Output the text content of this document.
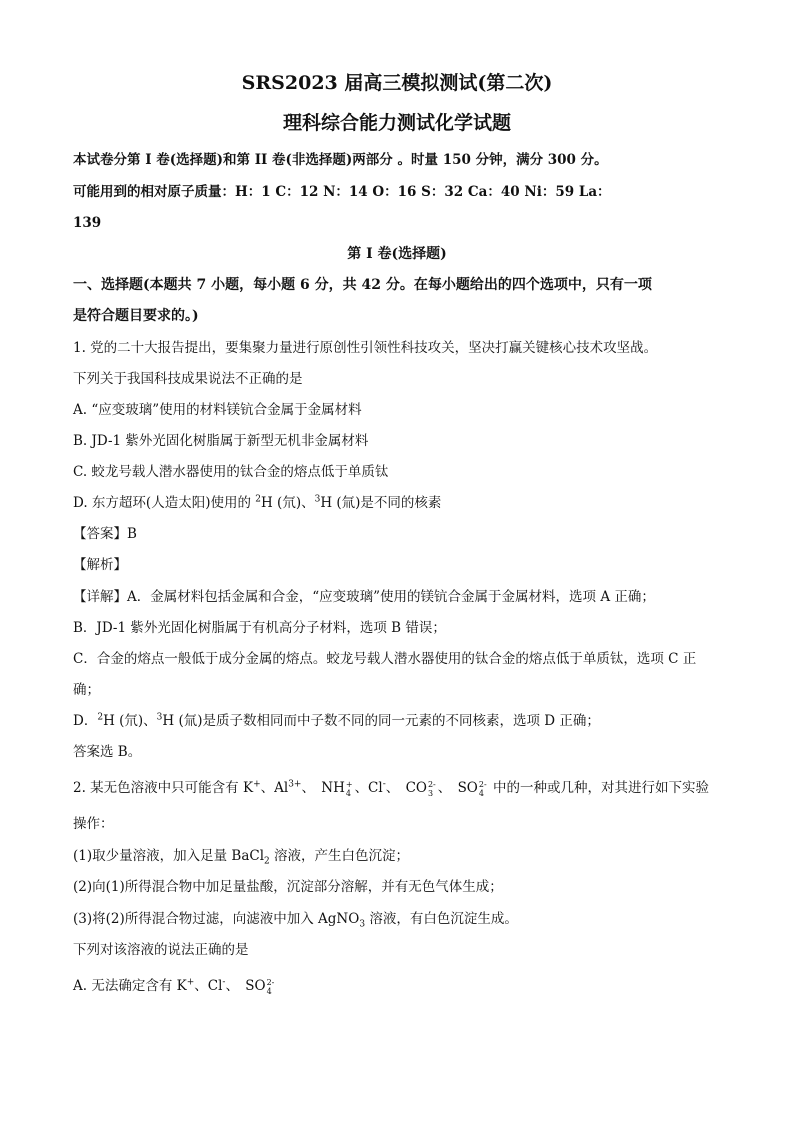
SRS2023 届高三模拟测试(第二次)
理科综合能力测试化学试题
本试卷分第 I 卷(选择题)和第 II 卷(非选择题)两部分 。时量 150 分钟，满分 300 分。
可能用到的相对原子质量：H：1 C：12 N：14 O：16 S：32 Ca：40 Ni：59 La：
139
第 I 卷(选择题)
一、选择题(本题共 7 小题，每小题 6 分，共 42 分。在每小题给出的四个选项中，只有一项
是符合题目要求的。)
1. 党的二十大报告提出，要集聚力量进行原创性引领性科技攻关，坚决打赢关键核心技术攻坚战。
下列关于我国科技成果说法不正确的是
A. “应变玻璃”使用的材料镁钪合金属于金属材料
B. JD-1 紫外光固化树脂属于新型无机非金属材料
C. 蛟龙号载人潜水器使用的钛合金的熔点低于单质钛
D. 东方超环(人造太阳)使用的 $^2$H (氘)、$^3$H (氚)是不同的核素
【答案】B
【解析】
【详解】A．金属材料包括金属和合金，“应变玻璃”使用的镁钪合金属于金属材料，选项 A 正确；
B．JD-1 紫外光固化树脂属于有机高分子材料，选项 B 错误；
C．合金的熔点一般低于成分金属的熔点。蛟龙号载人潜水器使用的钛合金的熔点低于单质钛，选项 C 正
确；
D．$^2$H (氘)、$^3$H (氚)是质子数相同而中子数不同的同一元素的不同核素，选项 D 正确；
答案选 B。
2. 某无色溶液中只可能含有 K+、$Al^{3+}$、 NH +
4 、Cl-、 CO 2-
3 、 SO 2-
4 中的一种或几种，对其进行如下实验
操作：
(1)取少量溶液，加入足量 BaCl$_2$ 溶液，产生白色沉淀；
(2)向(1)所得混合物中加足量盐酸，沉淀部分溶解，并有无色气体生成；
(3)将(2)所得混合物过滤，向滤液中加入 AgNO$_3$ 溶液，有白色沉淀生成。
下列对该溶液的说法正确的是
A. 无法确定含有 K+、Cl-、 SO 2-
4
